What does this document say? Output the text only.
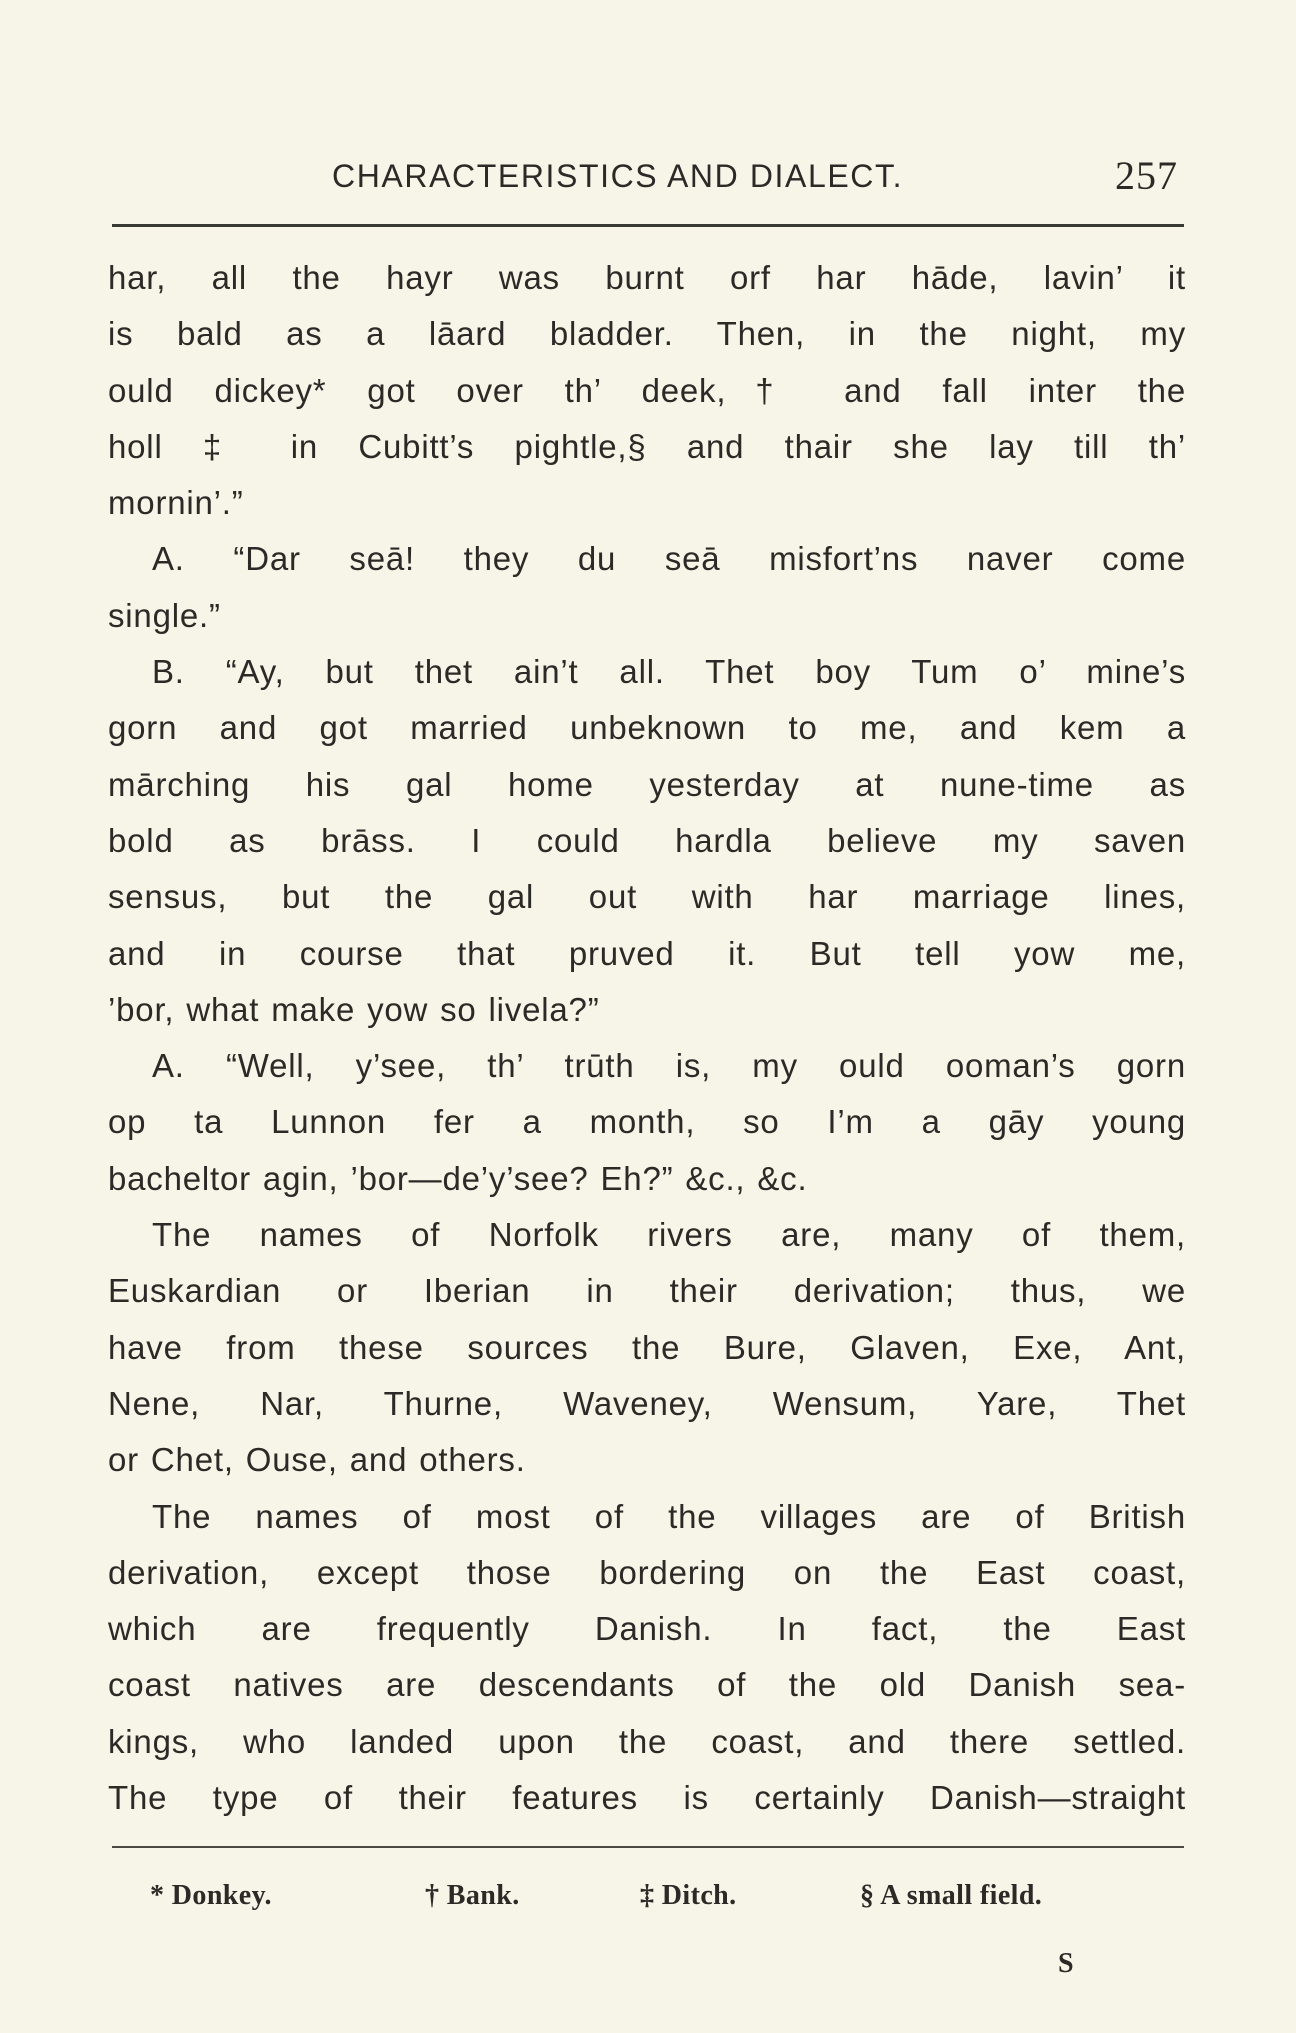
CHARACTERISTICS AND DIALECT.	257
har, all the hayr was burnt orf har hāde, lavin’ it
is bald as a lāard bladder. Then, in the night, my
ould dickey* got over th’ deek,† and fall inter the
holl ‡ in Cubitt’s pightle,§ and thair she lay till th’
mornin’.”
A. “Dar seā! they du seā misfort’ns naver come
single.”
B. “Ay, but thet ain’t all. Thet boy Tum o’ mine’s
gorn and got married unbeknown to me, and kem a
mārching his gal home yesterday at nune-time as
bold as brāss. I could hardla believe my saven
sensus, but the gal out with har marriage lines,
and in course that pruved it. But tell yow me,
’bor, what make yow so livela?”
A. “Well, y’see, th’ trūth is, my ould ooman’s gorn
op ta Lunnon fer a month, so I’m a gāy young
bacheltor agin, ’bor—de’y’see? Eh?” &c., &c.
The names of Norfolk rivers are, many of them,
Euskardian or Iberian in their derivation; thus, we
have from these sources the Bure, Glaven, Exe, Ant,
Nene, Nar, Thurne, Waveney, Wensum, Yare, Thet
or Chet, Ouse, and others.
The names of most of the villages are of British
derivation, except those bordering on the East coast,
which are frequently Danish. In fact, the East
coast natives are descendants of the old Danish sea-
kings, who landed upon the coast, and there settled.
The type of their features is certainly Danish—straight
* Donkey.	† Bank.	‡ Ditch.	§ A small field.
S
